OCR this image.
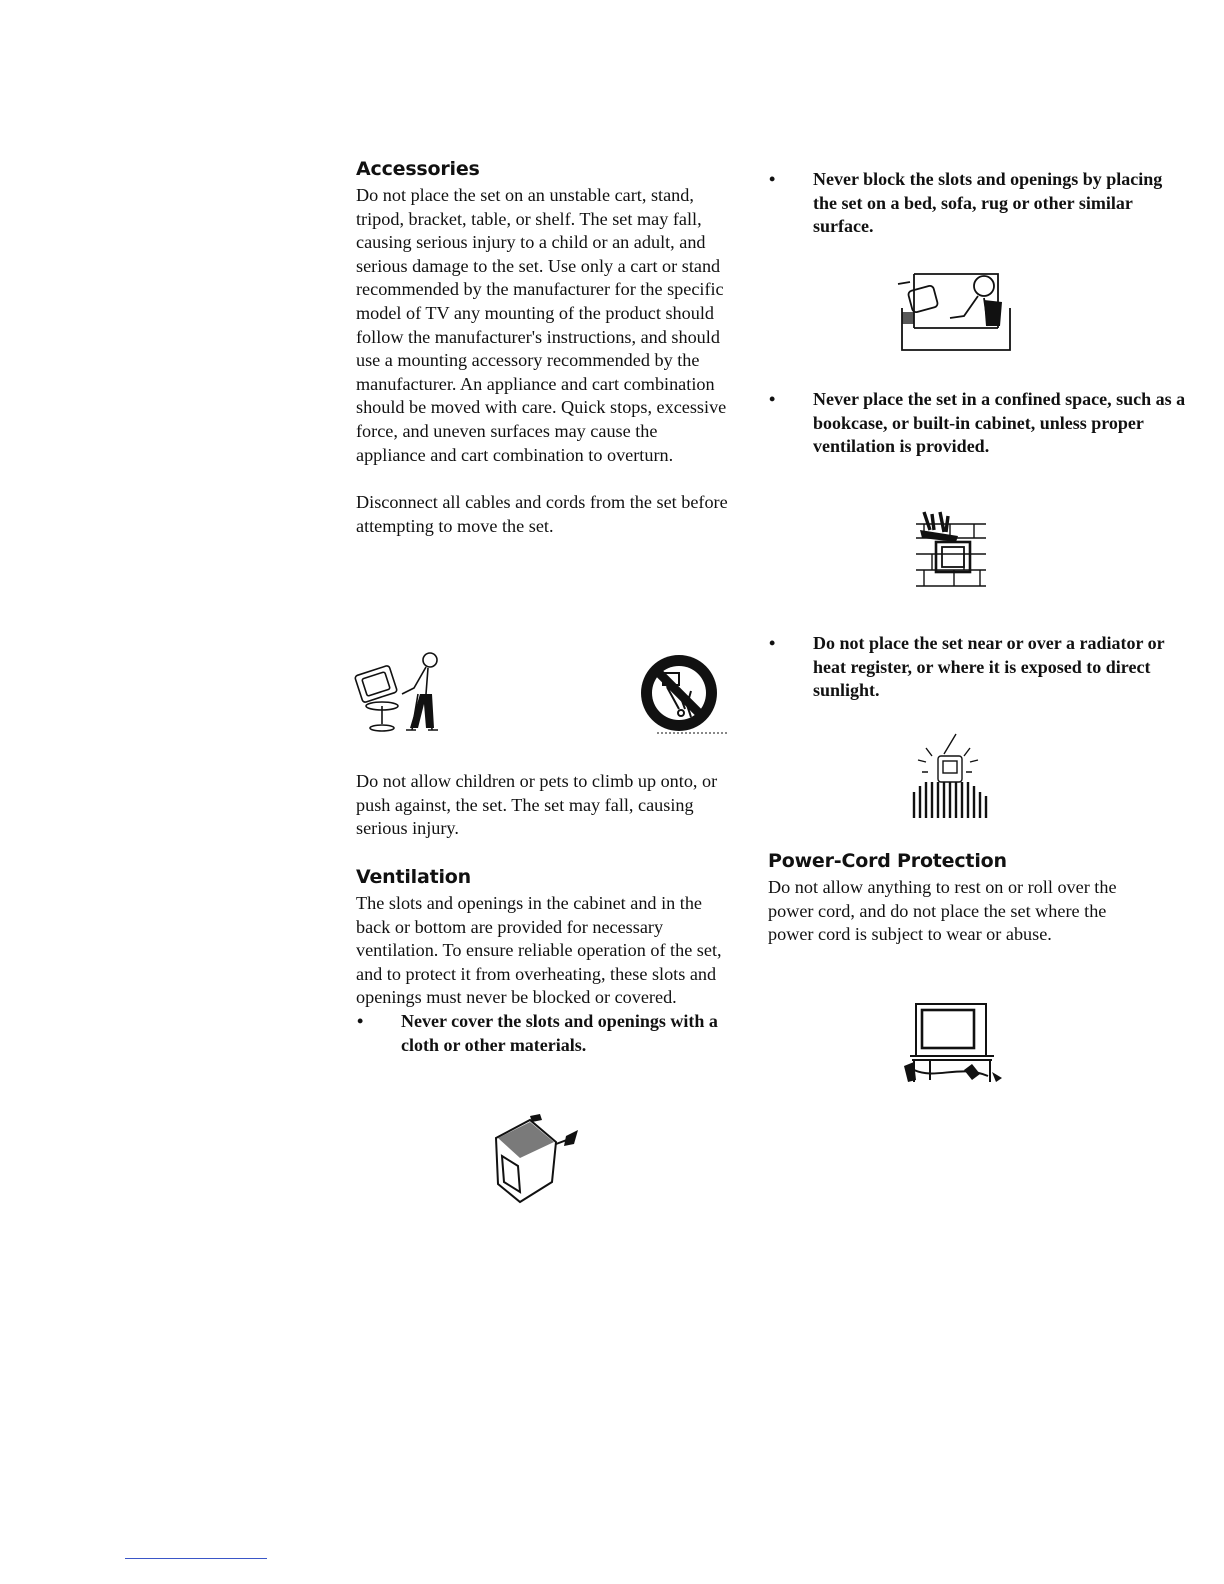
Accessories

Do not place the set on an unstable cart, stand, tripod, bracket, table, or shelf. The set may fall, causing serious injury to a child or an adult, and serious damage to the set. Use only a cart or stand recommended by the manufacturer for the specific model of TV any mounting of the product should follow the manufacturer's instructions, and should use a mounting accessory recommended by the manufacturer. An appliance and cart combination should be moved with care. Quick stops, excessive force, and uneven surfaces may cause the appliance and cart combination to overturn.

Disconnect all cables and cords from the set before attempting to move the set.

Do not allow children or pets to climb up onto, or push against, the set. The set may fall, causing serious injury.

Ventilation

The slots and openings in the cabinet and in the back or bottom are provided for necessary ventilation. To ensure reliable operation of the set, and to protect it from overheating, these slots and openings must never be blocked or covered.

• Never cover the slots and openings with a cloth or other materials.
• Never block the slots and openings by placing the set on a bed, sofa, rug or other similar surface.
• Never place the set in a confined space, such as a bookcase, or built-in cabinet, unless proper ventilation is provided.
• Do not place the set near or over a radiator or heat register, or where it is exposed to direct sunlight.
Power-Cord Protection

Do not allow anything to rest on or roll over the power cord, and do not place the set where the power cord is subject to wear or abuse.
